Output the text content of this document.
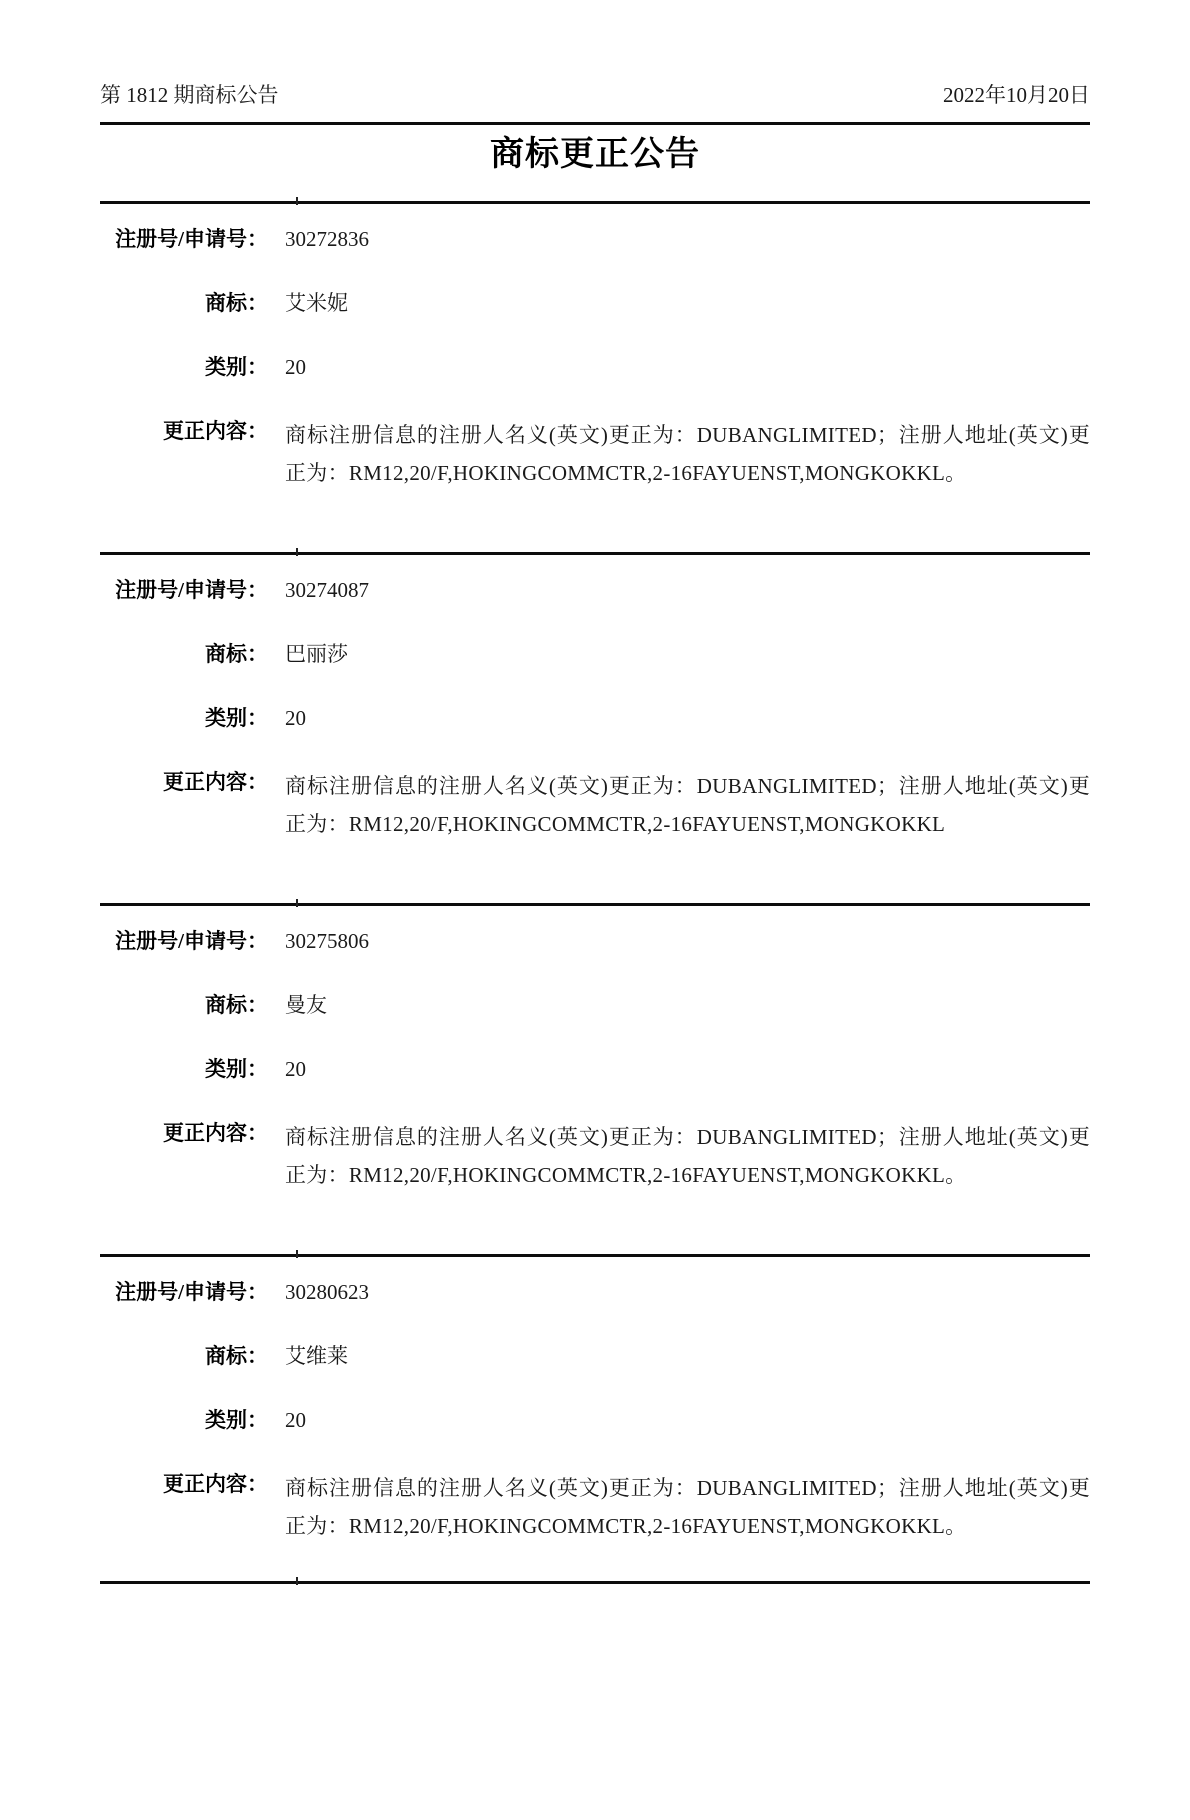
第 1812 期商标公告	2022年10月20日
商标更正公告
注册号/申请号： 30272836
商标： 艾米妮
类别： 20
更正内容： 商标注册信息的注册人名义(英文)更正为：DUBANGLIMITED；注册人地址(英文)更正为：RM12,20/F,HOKINGCOMMCTR,2-16FAYUENST,MONGKOKKL。
注册号/申请号： 30274087
商标： 巴丽莎
类别： 20
更正内容： 商标注册信息的注册人名义(英文)更正为：DUBANGLIMITED；注册人地址(英文)更正为：RM12,20/F,HOKINGCOMMCTR,2-16FAYUENST,MONGKOKKL
注册号/申请号： 30275806
商标： 曼友
类别： 20
更正内容： 商标注册信息的注册人名义(英文)更正为：DUBANGLIMITED；注册人地址(英文)更正为：RM12,20/F,HOKINGCOMMCTR,2-16FAYUENST,MONGKOKKL。
注册号/申请号： 30280623
商标： 艾维莱
类别： 20
更正内容： 商标注册信息的注册人名义(英文)更正为：DUBANGLIMITED；注册人地址(英文)更正为：RM12,20/F,HOKINGCOMMCTR,2-16FAYUENST,MONGKOKKL。
